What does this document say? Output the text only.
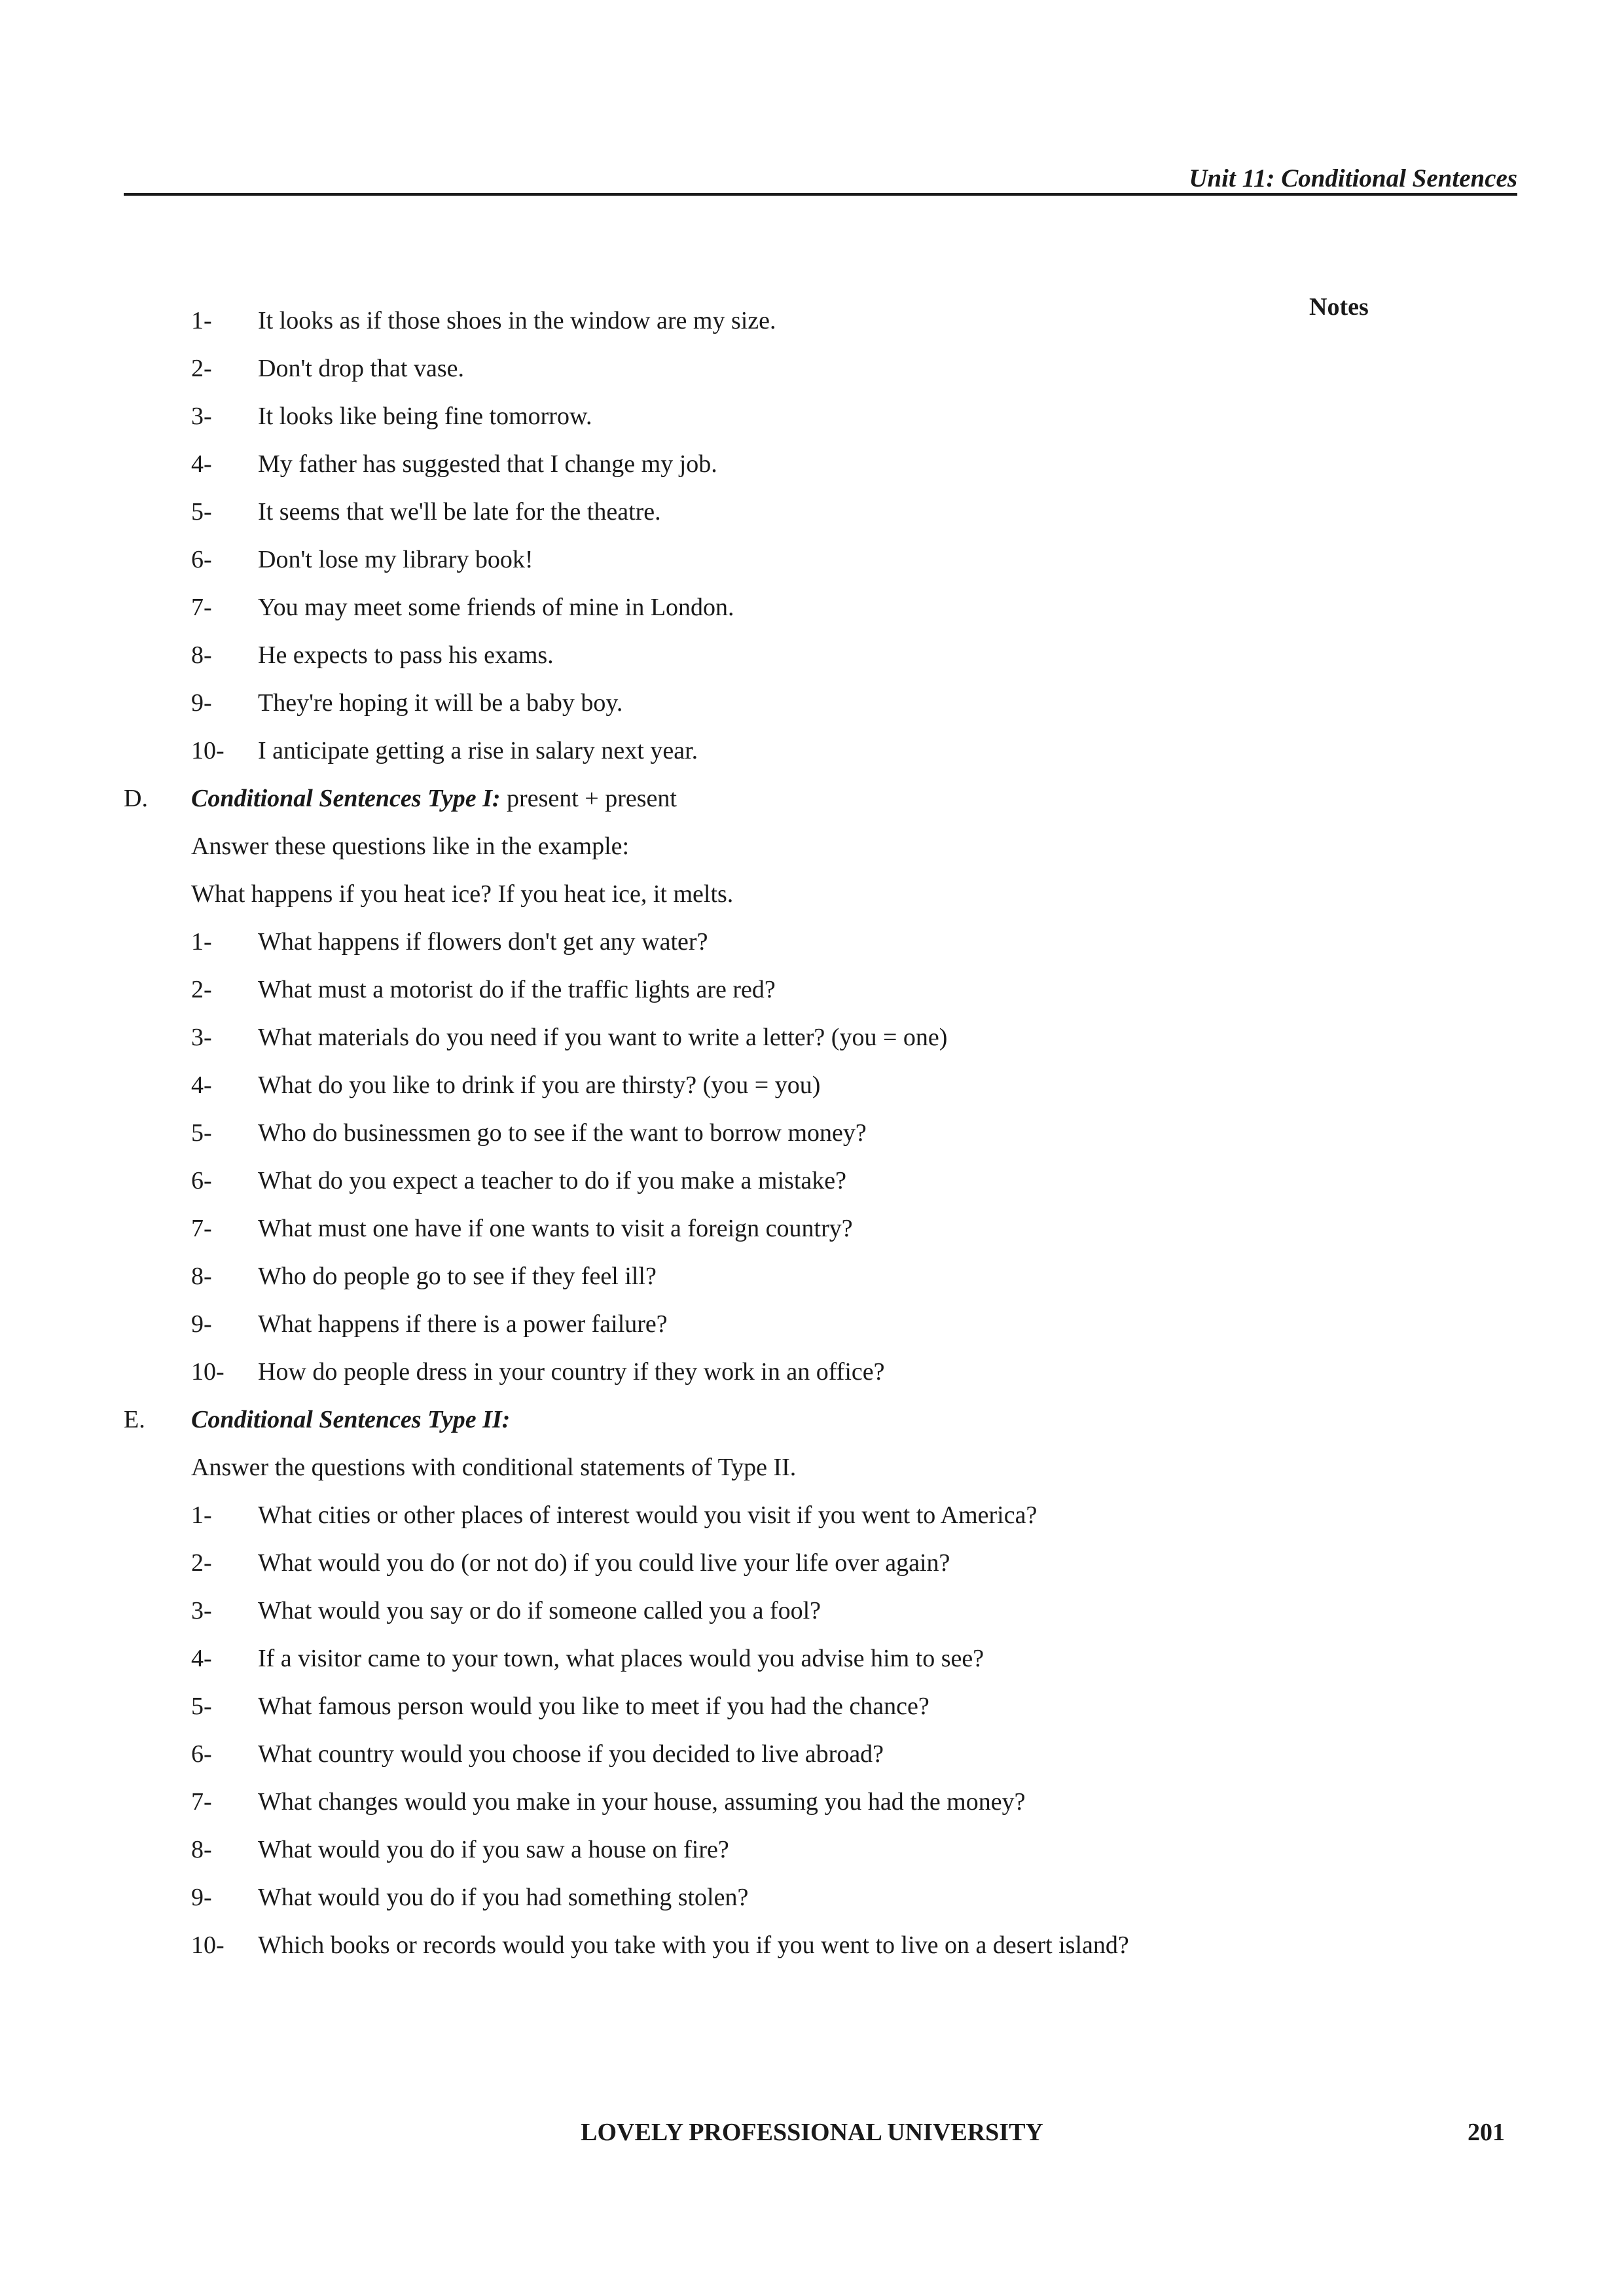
Unit 11: Conditional Sentences
Notes
1-	It looks as if those shoes in the window are my size.
2-	Don't drop that vase.
3-	It looks like being fine tomorrow.
4-	My father has suggested that I change my job.
5-	It seems that we'll be late for the theatre.
6-	Don't lose my library book!
7-	You may meet some friends of mine in London.
8-	He expects to pass his exams.
9-	They're hoping it will be a baby boy.
10-	I anticipate getting a rise in salary next year.
D.	Conditional Sentences Type I: present + present
Answer these questions like in the example:
What happens if you heat ice? If you heat ice, it melts.
1-	What happens if flowers don't get any water?
2-	What must a motorist do if the traffic lights are red?
3-	What materials do you need if you want to write a letter? (you = one)
4-	What do you like to drink if you are thirsty? (you = you)
5-	Who do businessmen go to see if the want to borrow money?
6-	What do you expect a teacher to do if you make a mistake?
7-	What must one have if one wants to visit a foreign country?
8-	Who do people go to see if they feel ill?
9-	What happens if there is a power failure?
10-	How do people dress in your country if they work in an office?
E.	Conditional Sentences Type II:
Answer the questions with conditional statements of Type II.
1-	What cities or other places of interest would you visit if you went to America?
2-	What would you do (or not do) if you could live your life over again?
3-	What would you say or do if someone called you a fool?
4-	If a visitor came to your town, what places would you advise him to see?
5-	What famous person would you like to meet if you had the chance?
6-	What country would you choose if you decided to live abroad?
7-	What changes would you make in your house, assuming you had the money?
8-	What would you do if you saw a house on fire?
9-	What would you do if you had something stolen?
10-	Which books or records would you take with you if you went to live on a desert island?
LOVELY PROFESSIONAL UNIVERSITY	201
